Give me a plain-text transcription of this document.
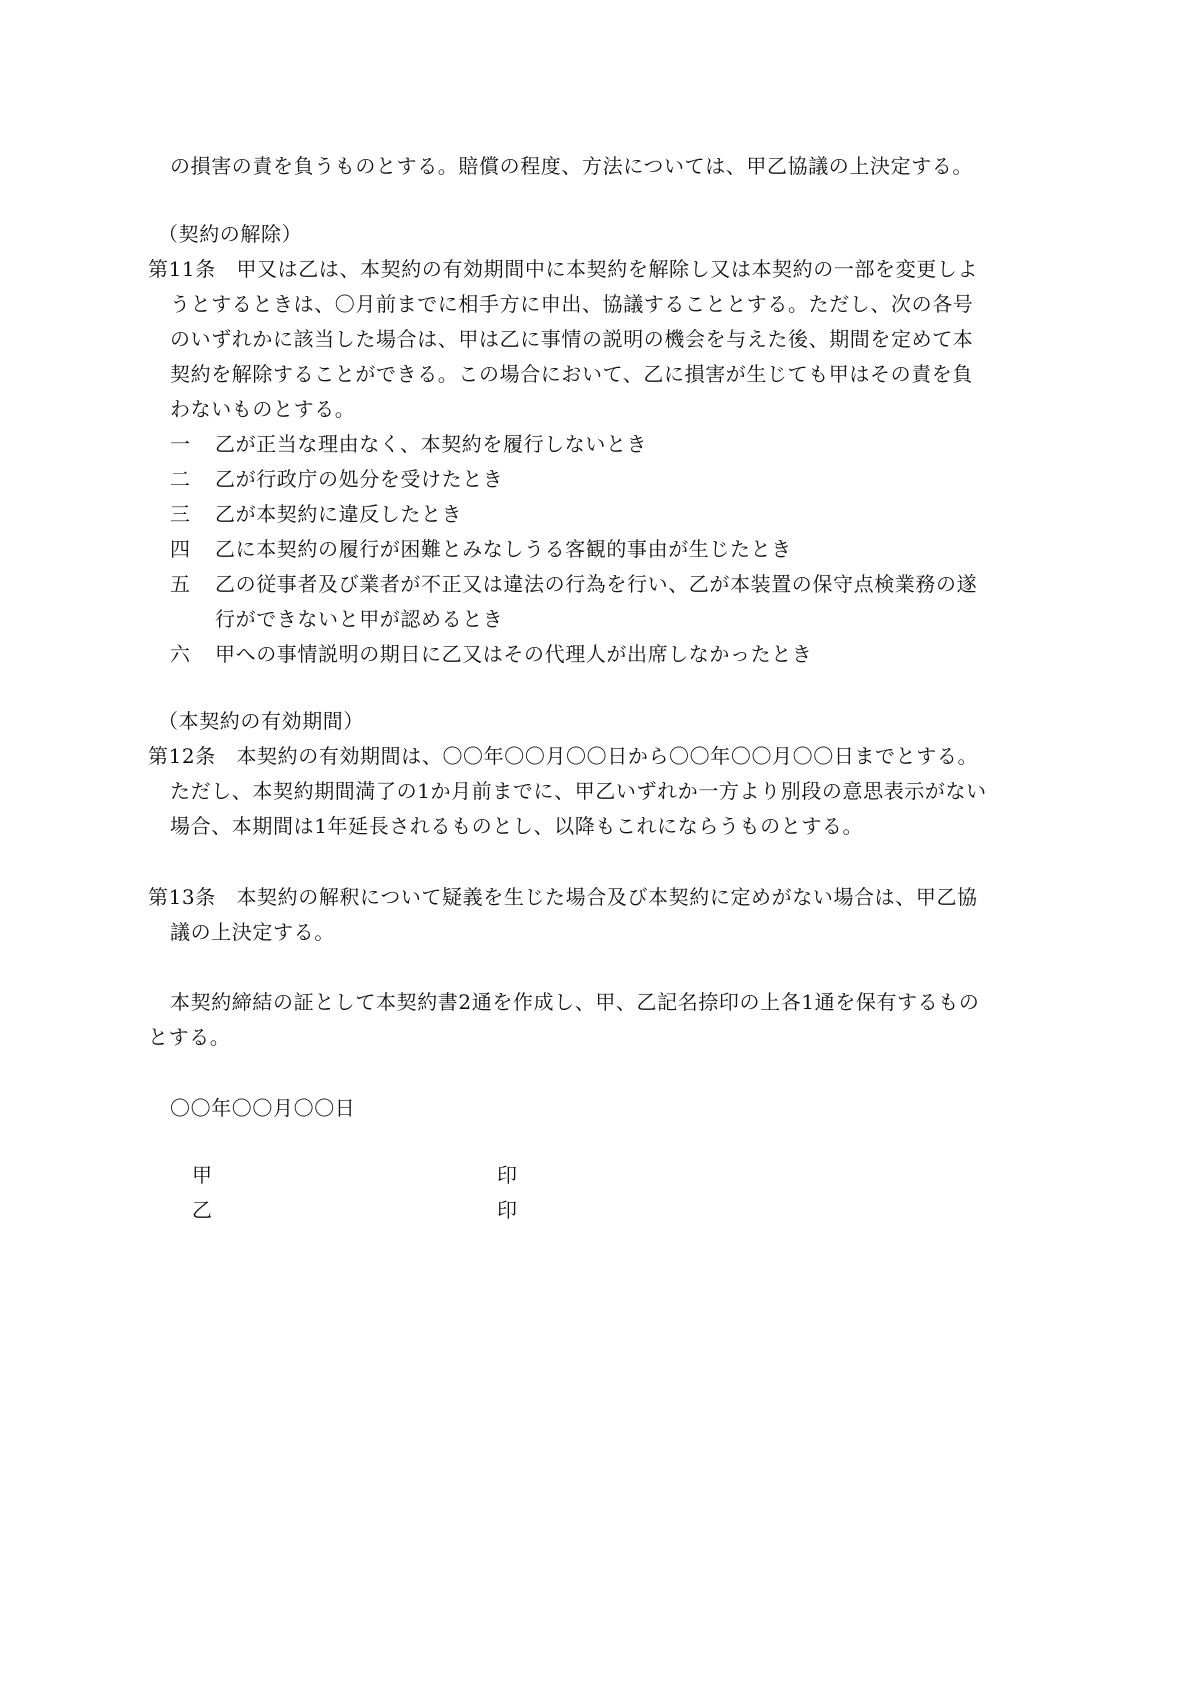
の損害の責を負うものとする。賠償の程度、方法については、甲乙協議の上決定する。
（契約の解除）
第11条　甲又は乙は、本契約の有効期間中に本契約を解除し又は本契約の一部を変更しよ
うとするときは、〇月前までに相手方に申出、協議することとする。ただし、次の各号
のいずれかに該当した場合は、甲は乙に事情の説明の機会を与えた後、期間を定めて本
契約を解除することができる。この場合において、乙に損害が生じても甲はその責を負
わないものとする。
一 乙が正当な理由なく、本契約を履行しないとき
二 乙が行政庁の処分を受けたとき
三 乙が本契約に違反したとき
四 乙に本契約の履行が困難とみなしうる客観的事由が生じたとき
五 乙の従事者及び業者が不正又は違法の行為を行い、乙が本装置の保守点検業務の遂
行ができないと甲が認めるとき
六 甲への事情説明の期日に乙又はその代理人が出席しなかったとき
（本契約の有効期間）
第12条　本契約の有効期間は、〇〇年〇〇月〇〇日から〇〇年〇〇月〇〇日までとする。
ただし、本契約期間満了の1か月前までに、甲乙いずれか一方より別段の意思表示がない
場合、本期間は1年延長されるものとし、以降もこれにならうものとする。
第13条　本契約の解釈について疑義を生じた場合及び本契約に定めがない場合は、甲乙協
議の上決定する。
本契約締結の証として本契約書2通を作成し、甲、乙記名捺印の上各1通を保有するもの
とする。
〇〇年〇〇月〇〇日
甲	印
乙	印
